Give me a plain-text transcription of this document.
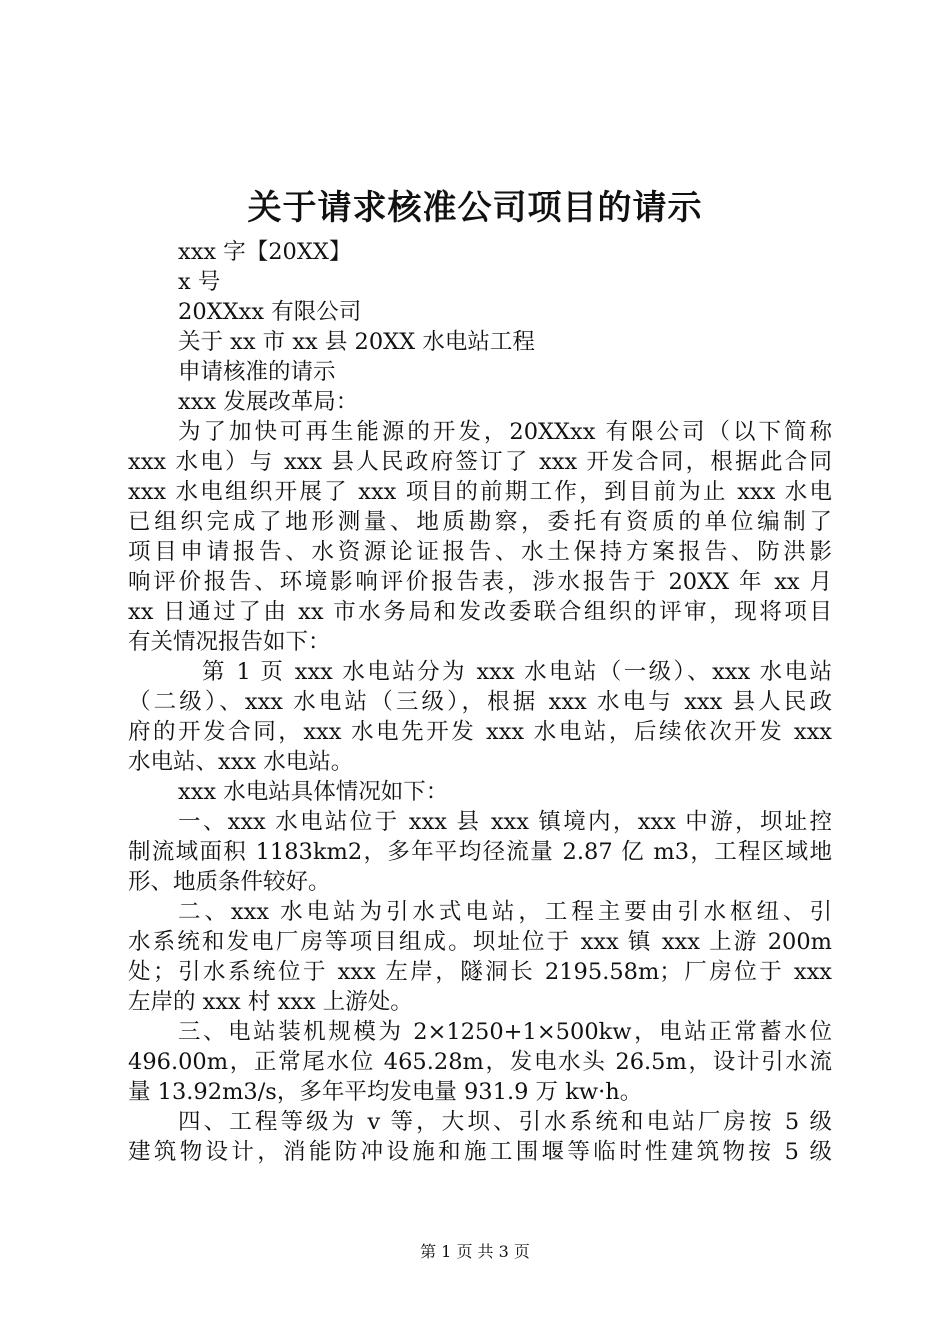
关于请求核准公司项目的请示
xxx 字【20XX】
x 号
20XXxx 有限公司
关于 xx 市 xx 县 20XX 水电站工程
申请核准的请示
xxx 发展改革局：
为了加快可再生能源的开发，20XXxx 有限公司（以下简称
xxx 水电）与 xxx 县人民政府签订了 xxx 开发合同，根据此合同
xxx 水电组织开展了 xxx 项目的前期工作，到目前为止 xxx 水电
已组织完成了地形测量、地质勘察，委托有资质的单位编制了
项目申请报告、水资源论证报告、水土保持方案报告、防洪影
响评价报告、环境影响评价报告表，涉水报告于 20XX 年 xx 月
xx 日通过了由 xx 市水务局和发改委联合组织的评审，现将项目
有关情况报告如下：
第 1 页 xxx 水电站分为 xxx 水电站（一级）、xxx 水电站
（二级）、xxx 水电站（三级），根据 xxx 水电与 xxx 县人民政
府的开发合同，xxx 水电先开发 xxx 水电站，后续依次开发 xxx
水电站、xxx 水电站。
xxx 水电站具体情况如下：
一、xxx 水电站位于 xxx 县 xxx 镇境内，xxx 中游，坝址控
制流域面积 1183km2，多年平均径流量 2.87 亿 m3，工程区域地
形、地质条件较好。
二、xxx 水电站为引水式电站，工程主要由引水枢纽、引
水系统和发电厂房等项目组成。坝址位于 xxx 镇 xxx 上游 200m
处；引水系统位于 xxx 左岸，隧洞长 2195.58m；厂房位于 xxx
左岸的 xxx 村 xxx 上游处。
三、电站装机规模为 2×1250+1×500kw，电站正常蓄水位
496.00m，正常尾水位 465.28m，发电水头 26.5m，设计引水流
量 13.92m3/s，多年平均发电量 931.9 万 kw·h。
四、工程等级为 v 等，大坝、引水系统和电站厂房按 5 级
建筑物设计，消能防冲设施和施工围堰等临时性建筑物按 5 级
第 1 页 共 3 页
